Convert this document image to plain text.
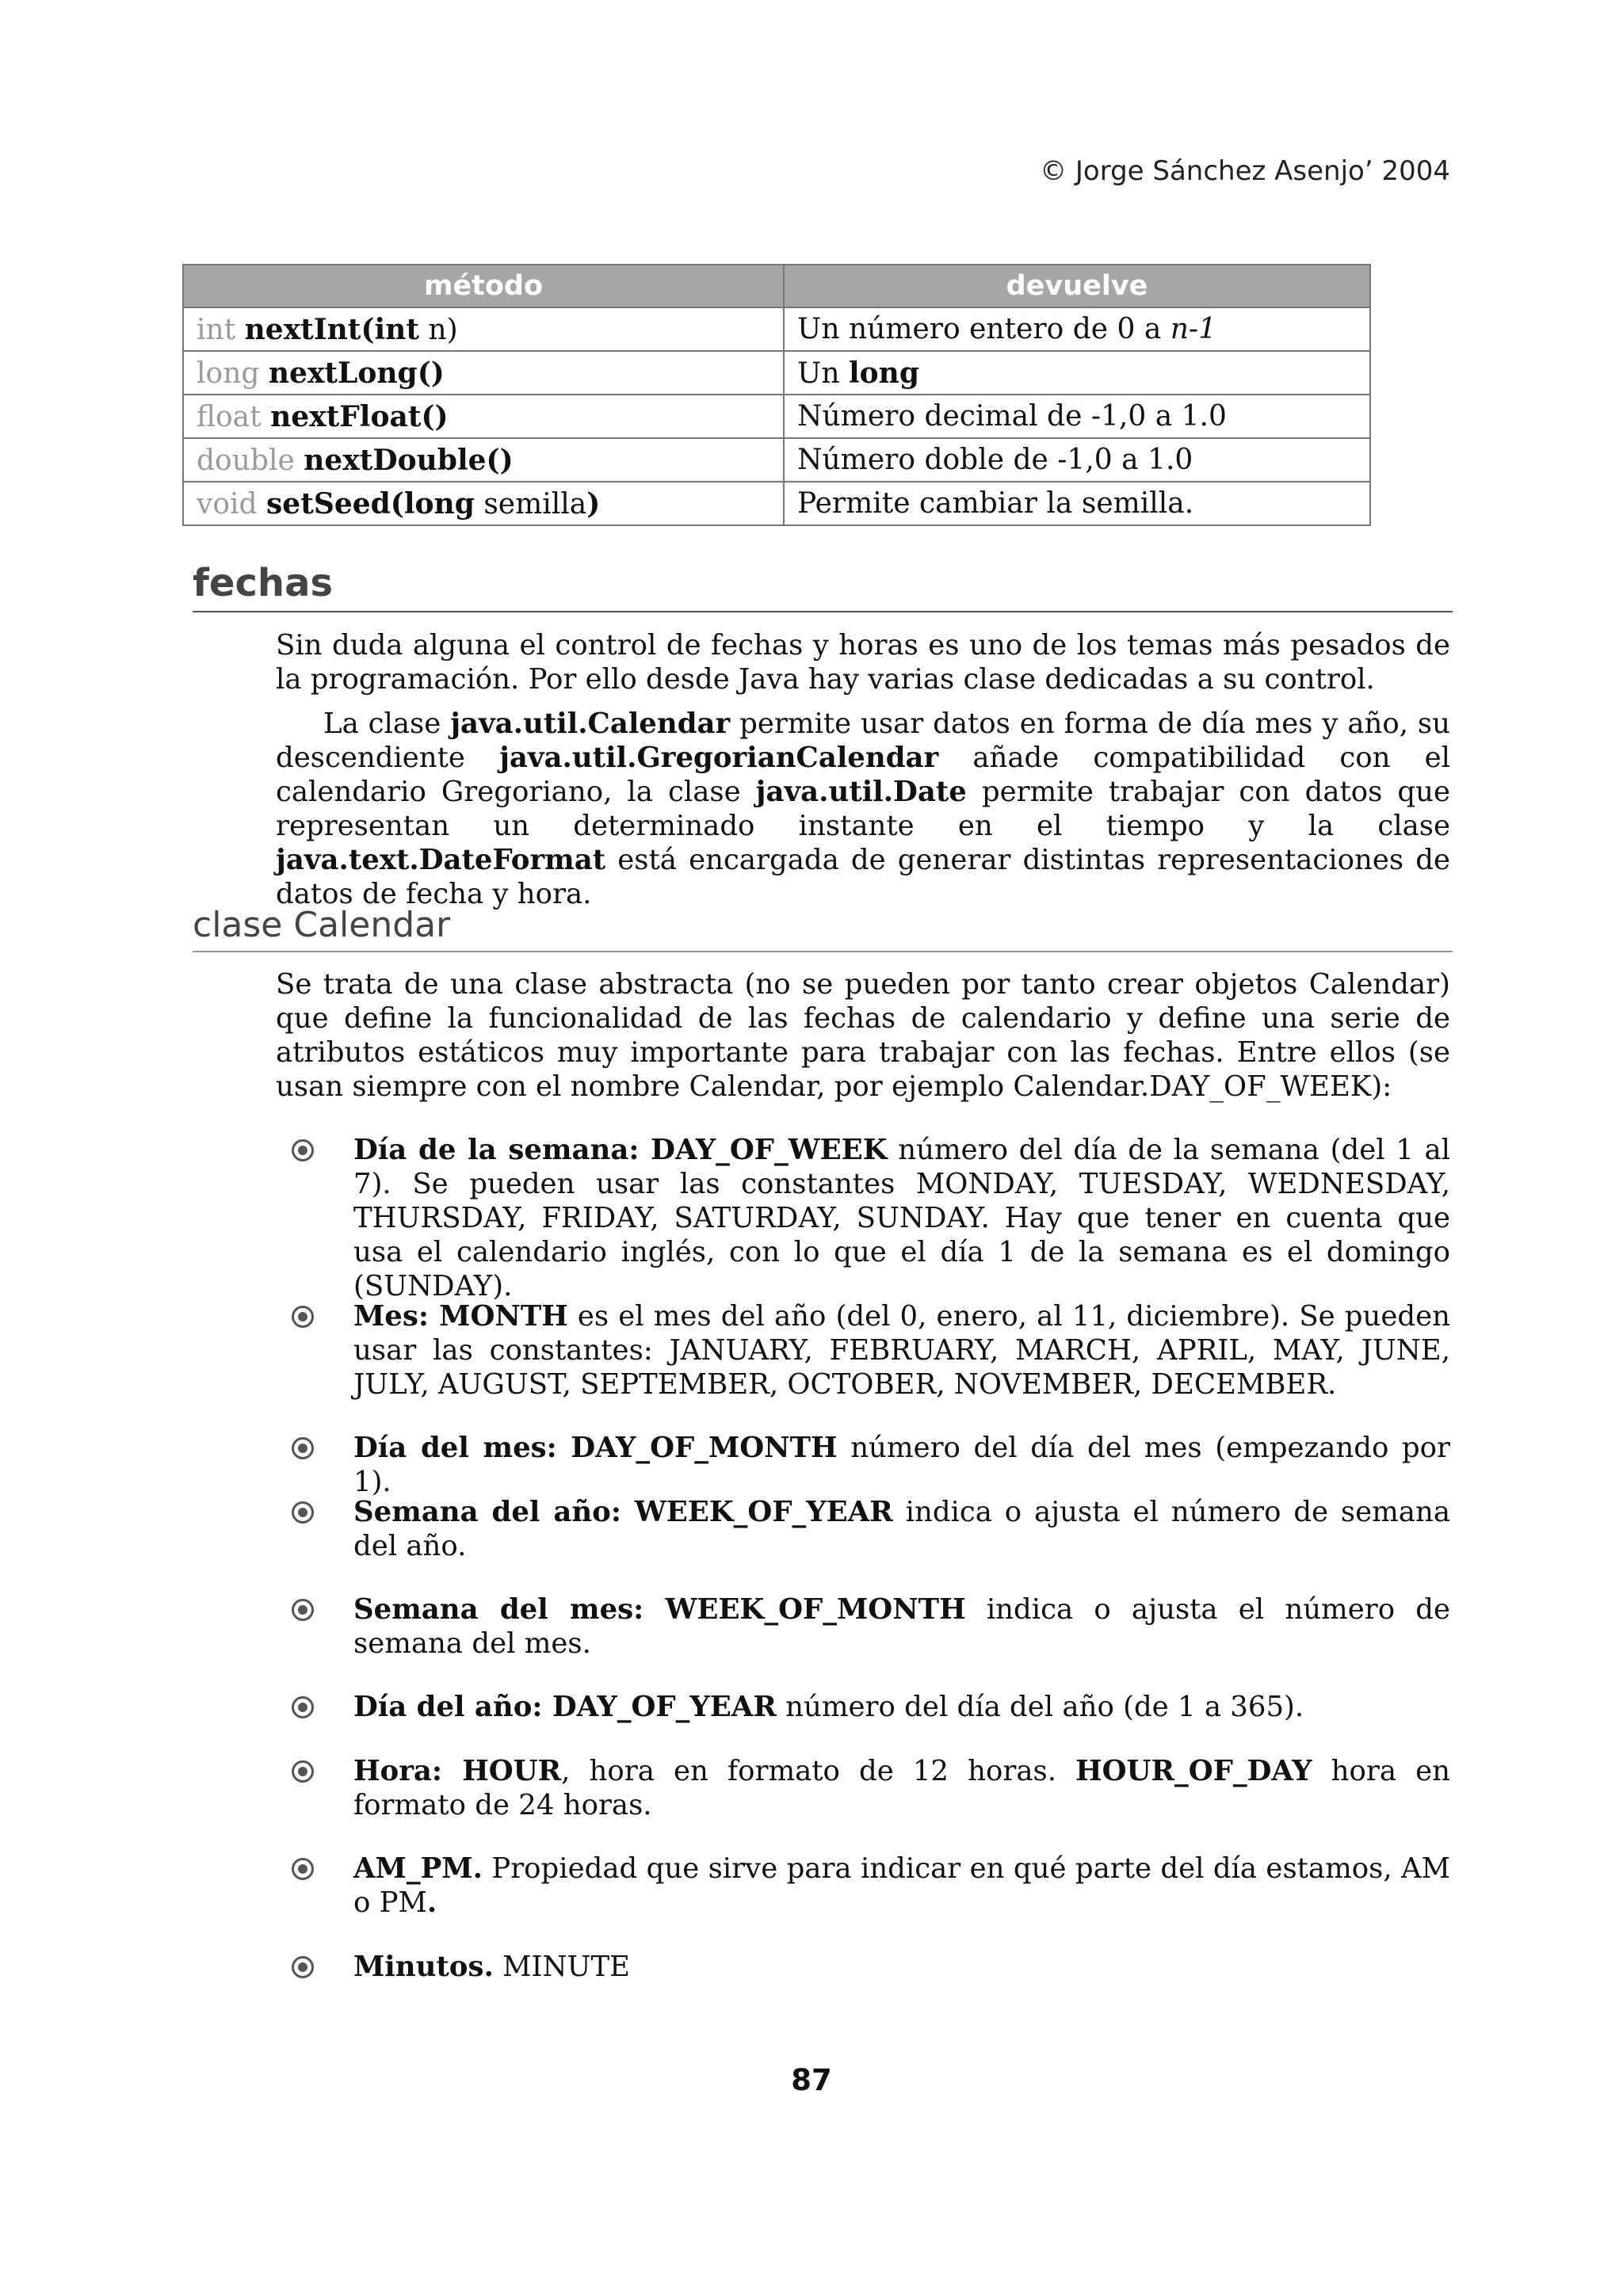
© Jorge Sánchez Asenjo’ 2004
método	devuelve
int nextInt(int n)	Un número entero de 0 a n-1
long nextLong()	Un long
float nextFloat()	Número decimal de -1,0 a 1.0
double nextDouble()	Número doble de -1,0 a 1.0
void setSeed(long semilla)	Permite cambiar la semilla.
fechas

Sin duda alguna el control de fechas y horas es uno de los temas más pesados de la programación. Por ello desde Java hay varias clase dedicadas a su control.

La clase java.util.Calendar permite usar datos en forma de día mes y año, su descendiente java.util.GregorianCalendar añade compatibilidad con el calendario Gregoriano, la clase java.util.Date permite trabajar con datos que representan un determinado instante en el tiempo y la clase java.text.DateFormat está encargada de generar distintas representaciones de datos de fecha y hora.

clase Calendar

Se trata de una clase abstracta (no se pueden por tanto crear objetos Calendar) que define la funcionalidad de las fechas de calendario y define una serie de atributos estáticos muy importante para trabajar con las fechas. Entre ellos (se usan siempre con el nombre Calendar, por ejemplo Calendar.DAY_OF_WEEK):

Día de la semana: DAY_OF_WEEK número del día de la semana (del 1 al 7). Se pueden usar las constantes MONDAY, TUESDAY, WEDNESDAY, THURSDAY, FRIDAY, SATURDAY, SUNDAY. Hay que tener en cuenta que usa el calendario inglés, con lo que el día 1 de la semana es el domingo (SUNDAY).
Mes: MONTH es el mes del año (del 0, enero, al 11, diciembre). Se pueden usar las constantes: JANUARY, FEBRUARY, MARCH, APRIL, MAY, JUNE, JULY, AUGUST, SEPTEMBER, OCTOBER, NOVEMBER, DECEMBER.
Día del mes: DAY_OF_MONTH número del día del mes (empezando por 1).
Semana del año: WEEK_OF_YEAR indica o ajusta el número de semana del año.
Semana del mes: WEEK_OF_MONTH indica o ajusta el número de semana del mes.
Día del año: DAY_OF_YEAR número del día del año (de 1 a 365).
Hora: HOUR, hora en formato de 12 horas. HOUR_OF_DAY hora en formato de 24 horas.
AM_PM. Propiedad que sirve para indicar en qué parte del día estamos, AM o PM.
Minutos. MINUTE
87
